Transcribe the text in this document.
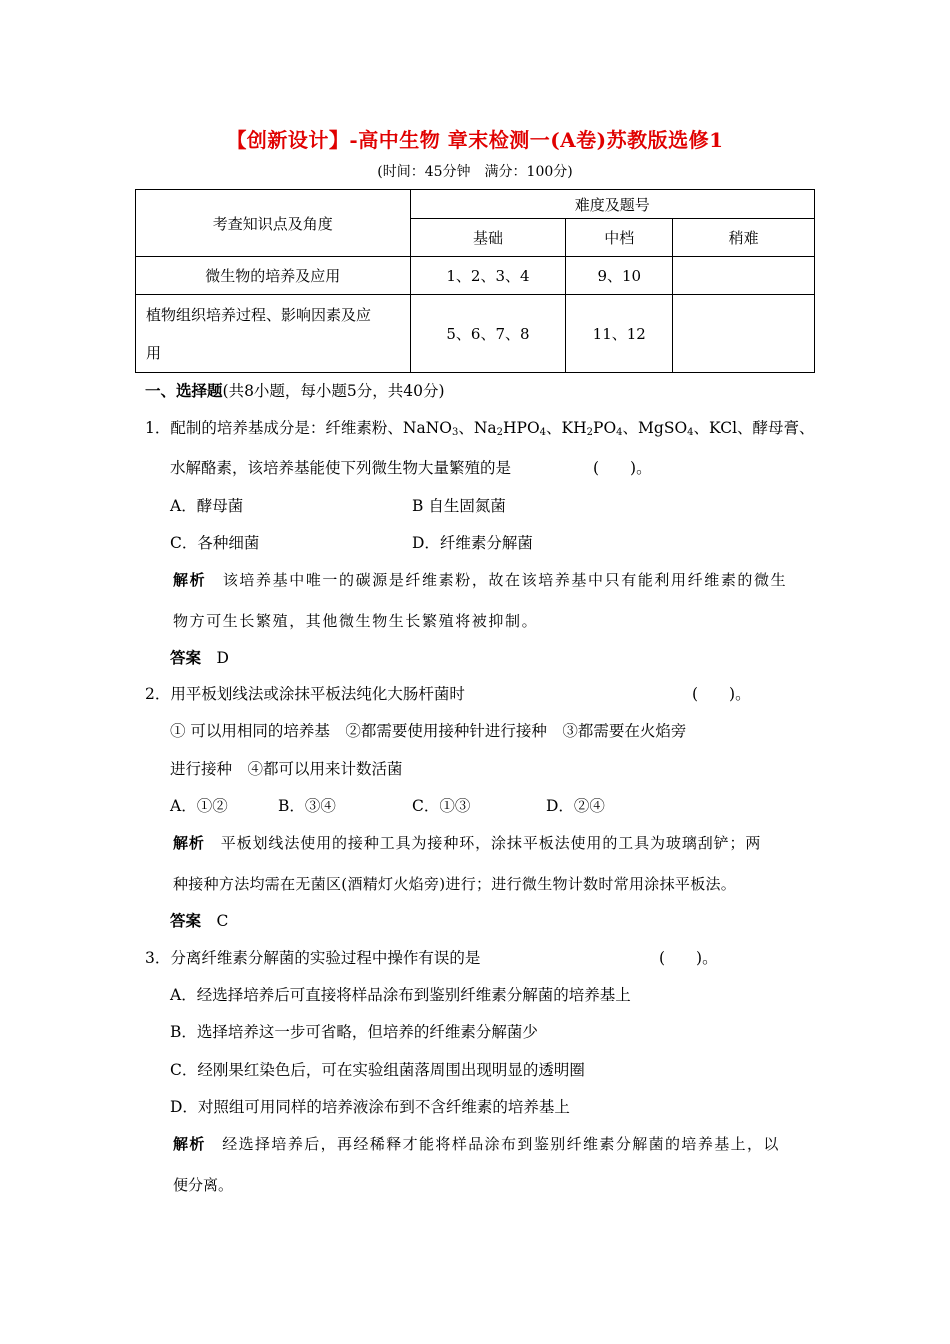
【创新设计】-高中生物 章末检测一(A卷)苏教版选修1
(时间：45分钟　满分：100分)
考查知识点及角度	难度及题号		
	基础	中档	稍难
微生物的培养及应用	1、2、3、4	9、10	
植物组织培养过程、影响因素及应
用	5、6、7、8	11、12	
一、选择题(共8小题，每小题5分，共40分)
1．配制的培养基成分是：纤维素粉、NaNO$_3$、$Na_2HPO_4$、$KH_2PO_4$、MgSO$_4$、KCl、酵母膏、
水解酪素，该培养基能使下列微生物大量繁殖的是	(　　)。
A．酵母菌	B 自生固氮菌
C．各种细菌	D．纤维素分解菌
解析　 该培养基中唯一的碳源是纤维素粉，故在该培养基中只有能利用纤维素的微生
物方可生长繁殖，其他微生物生长繁殖将被抑制。
答案　 D
2．用平板划线法或涂抹平板法纯化大肠杆菌时	(　　)。
① 可以用相同的培养基　②都需要使用接种针进行接种　③都需要在火焰旁
进行接种　④都可以用来计数活菌
A．①②	B．③④	C．①③	D．②④
解析　 平板划线法使用的接种工具为接种环，涂抹平板法使用的工具为玻璃刮铲；两
种接种方法均需在无菌区(酒精灯火焰旁)进行；进行微生物计数时常用涂抹平板法。
答案　 C
3．分离纤维素分解菌的实验过程中操作有误的是	(　　)。
A．经选择培养后可直接将样品涂布到鉴别纤维素分解菌的培养基上
B．选择培养这一步可省略，但培养的纤维素分解菌少
C．经刚果红染色后，可在实验组菌落周围出现明显的透明圈
D．对照组可用同样的培养液涂布到不含纤维素的培养基上
解析　 经选择培养后，再经稀释才能将样品涂布到鉴别纤维素分解菌的培养基上，以
便分离。
